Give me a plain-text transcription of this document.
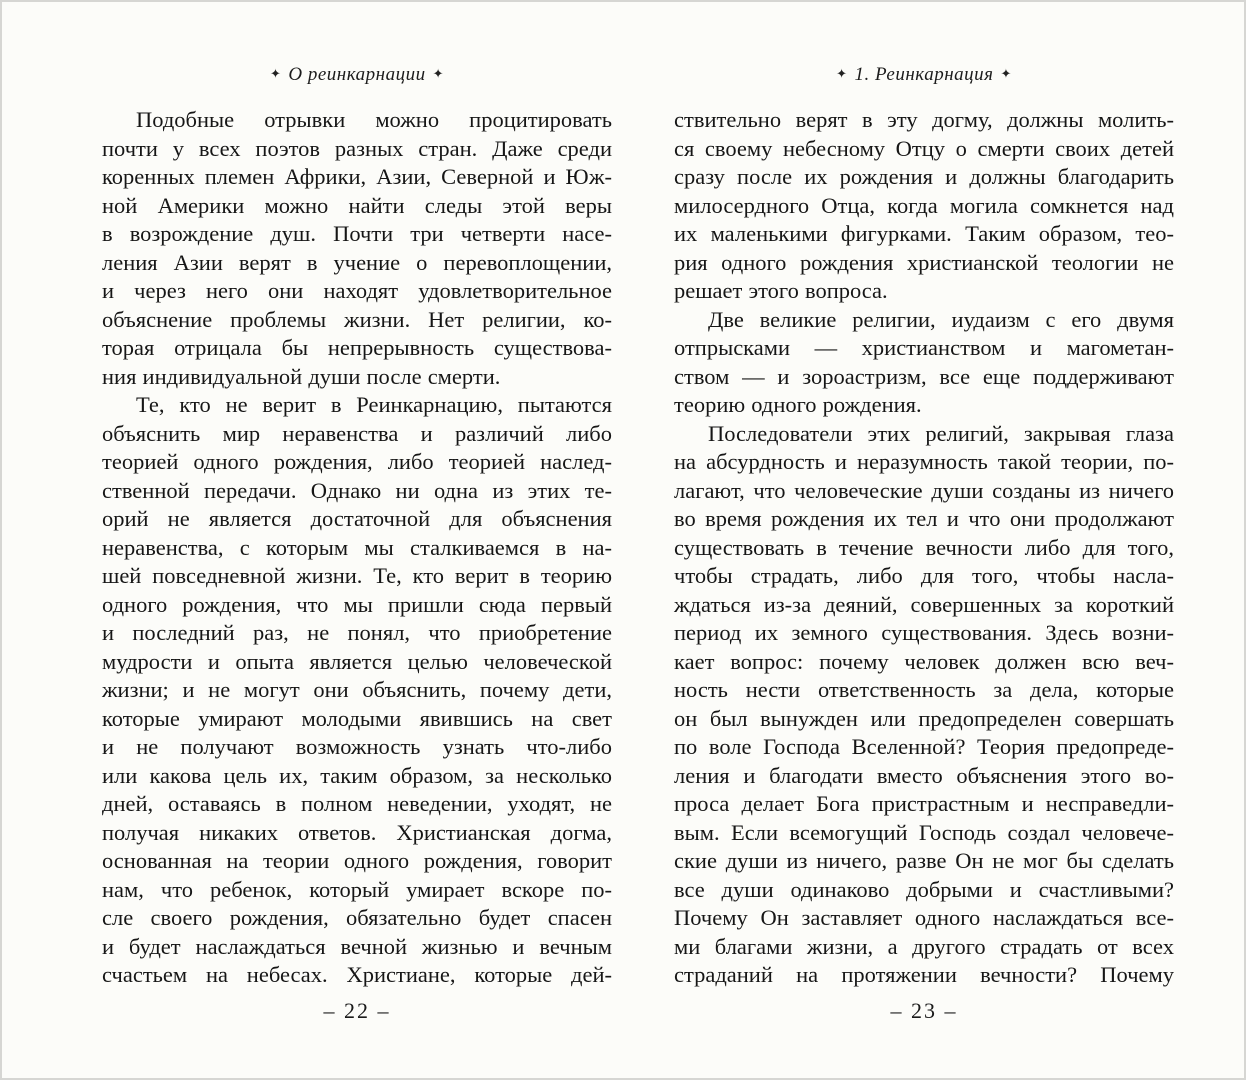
✦ О реинкарнации ✦
Подобные отрывки можно процитировать
почти у всех поэтов разных стран. Даже среди
коренных племен Африки, Азии, Северной и Юж-
ной Америки можно найти следы этой веры
в возрождение душ. Почти три четверти насе-
ления Азии верят в учение о перевоплощении,
и через него они находят удовлетворительное
объяснение проблемы жизни. Нет религии, ко-
торая отрицала бы непрерывность существова-
ния индивидуальной души после смерти.
Те, кто не верит в Реинкарнацию, пытаются
объяснить мир неравенства и различий либо
теорией одного рождения, либо теорией наслед-
ственной передачи. Однако ни одна из этих те-
орий не является достаточной для объяснения
неравенства, с которым мы сталкиваемся в на-
шей повседневной жизни. Те, кто верит в теорию
одного рождения, что мы пришли сюда первый
и последний раз, не понял, что приобретение
мудрости и опыта является целью человеческой
жизни; и не могут они объяснить, почему дети,
которые умирают молодыми явившись на свет
и не получают возможность узнать что-либо
или какова цель их, таким образом, за несколько
дней, оставаясь в полном неведении, уходят, не
получая никаких ответов. Христианская догма,
основанная на теории одного рождения, говорит
нам, что ребенок, который умирает вскоре по-
сле своего рождения, обязательно будет спасен
и будет наслаждаться вечной жизнью и вечным
счастьем на небесах. Христиане, которые дей-
– 22 –
✦ 1. Реинкарнация ✦
ствительно верят в эту догму, должны молить-
ся своему небесному Отцу о смерти своих детей
сразу после их рождения и должны благодарить
милосердного Отца, когда могила сомкнется над
их маленькими фигурками. Таким образом, тео-
рия одного рождения христианской теологии не
решает этого вопроса.
Две великие религии, иудаизм с его двумя
отпрысками — христианством и магометан-
ством — и зороастризм, все еще поддерживают
теорию одного рождения.
Последователи этих религий, закрывая глаза
на абсурдность и неразумность такой теории, по-
лагают, что человеческие души созданы из ничего
во время рождения их тел и что они продолжают
существовать в течение вечности либо для того,
чтобы страдать, либо для того, чтобы насла-
ждаться из-за деяний, совершенных за короткий
период их земного существования. Здесь возни-
кает вопрос: почему человек должен всю веч-
ность нести ответственность за дела, которые
он был вынужден или предопределен совершать
по воле Господа Вселенной? Теория предопреде-
ления и благодати вместо объяснения этого во-
проса делает Бога пристрастным и несправедли-
вым. Если всемогущий Господь создал человече-
ские души из ничего, разве Он не мог бы сделать
все души одинаково добрыми и счастливыми?
Почему Он заставляет одного наслаждаться все-
ми благами жизни, а другого страдать от всех
страданий на протяжении вечности? Почему
– 23 –
